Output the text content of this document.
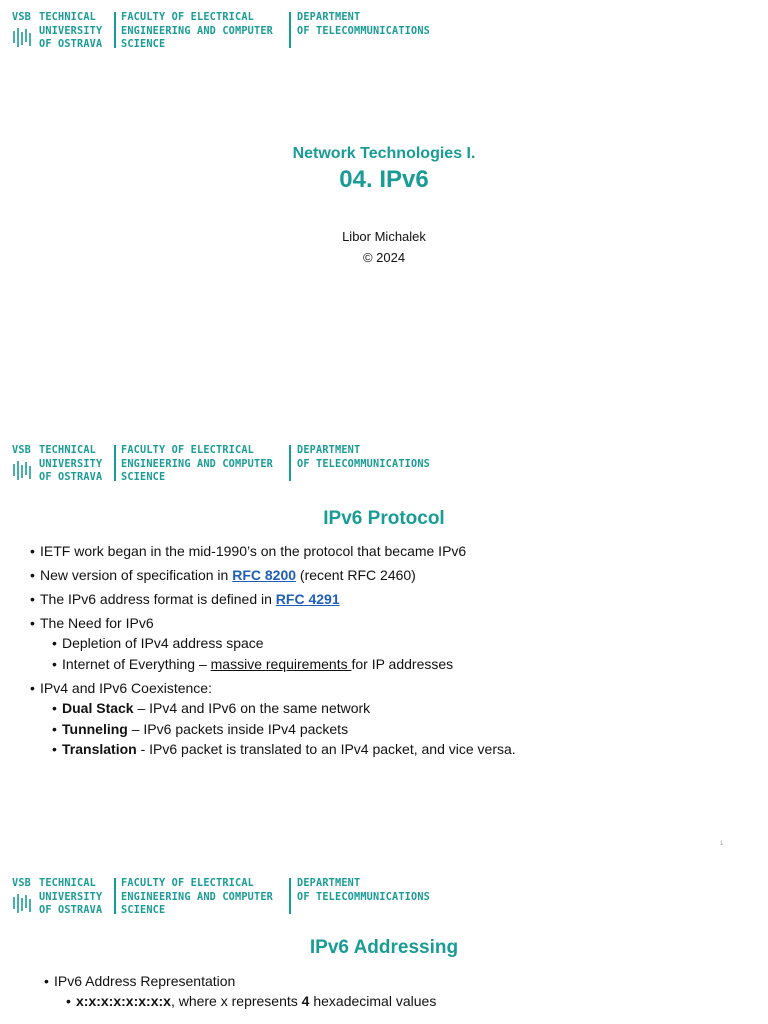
VSB TECHNICAL
UNIVERSITY
OF OSTRAVA
FACULTY OF ELECTRICAL
ENGINEERING AND COMPUTER
SCIENCE
DEPARTMENT
OF TELECOMMUNICATIONS
Network Technologies I.
04. IPv6
Libor Michalek
© 2024
VSB TECHNICAL
UNIVERSITY
OF OSTRAVA
FACULTY OF ELECTRICAL
ENGINEERING AND COMPUTER
SCIENCE
DEPARTMENT
OF TELECOMMUNICATIONS
IPv6 Protocol
• IETF work began in the mid-1990’s on the protocol that became IPv6
• New version of specification in RFC 8200 (recent RFC 2460)
• The IPv6 address format is defined in RFC 4291
• The Need for IPv6
• Depletion of IPv4 address space
• Internet of Everything – massive requirements for IP addresses
• IPv4 and IPv6 Coexistence:
• Dual Stack – IPv4 and IPv6 on the same network
• Tunneling – IPv6 packets inside IPv4 packets
• Translation - IPv6 packet is translated to an IPv4 packet, and vice versa.
1
VSB TECHNICAL
UNIVERSITY
OF OSTRAVA
FACULTY OF ELECTRICAL
ENGINEERING AND COMPUTER
SCIENCE
DEPARTMENT
OF TELECOMMUNICATIONS
IPv6 Addressing
• IPv6 Address Representation
• x:x:x:x:x:x:x:x, where x represents 4 hexadecimal values
